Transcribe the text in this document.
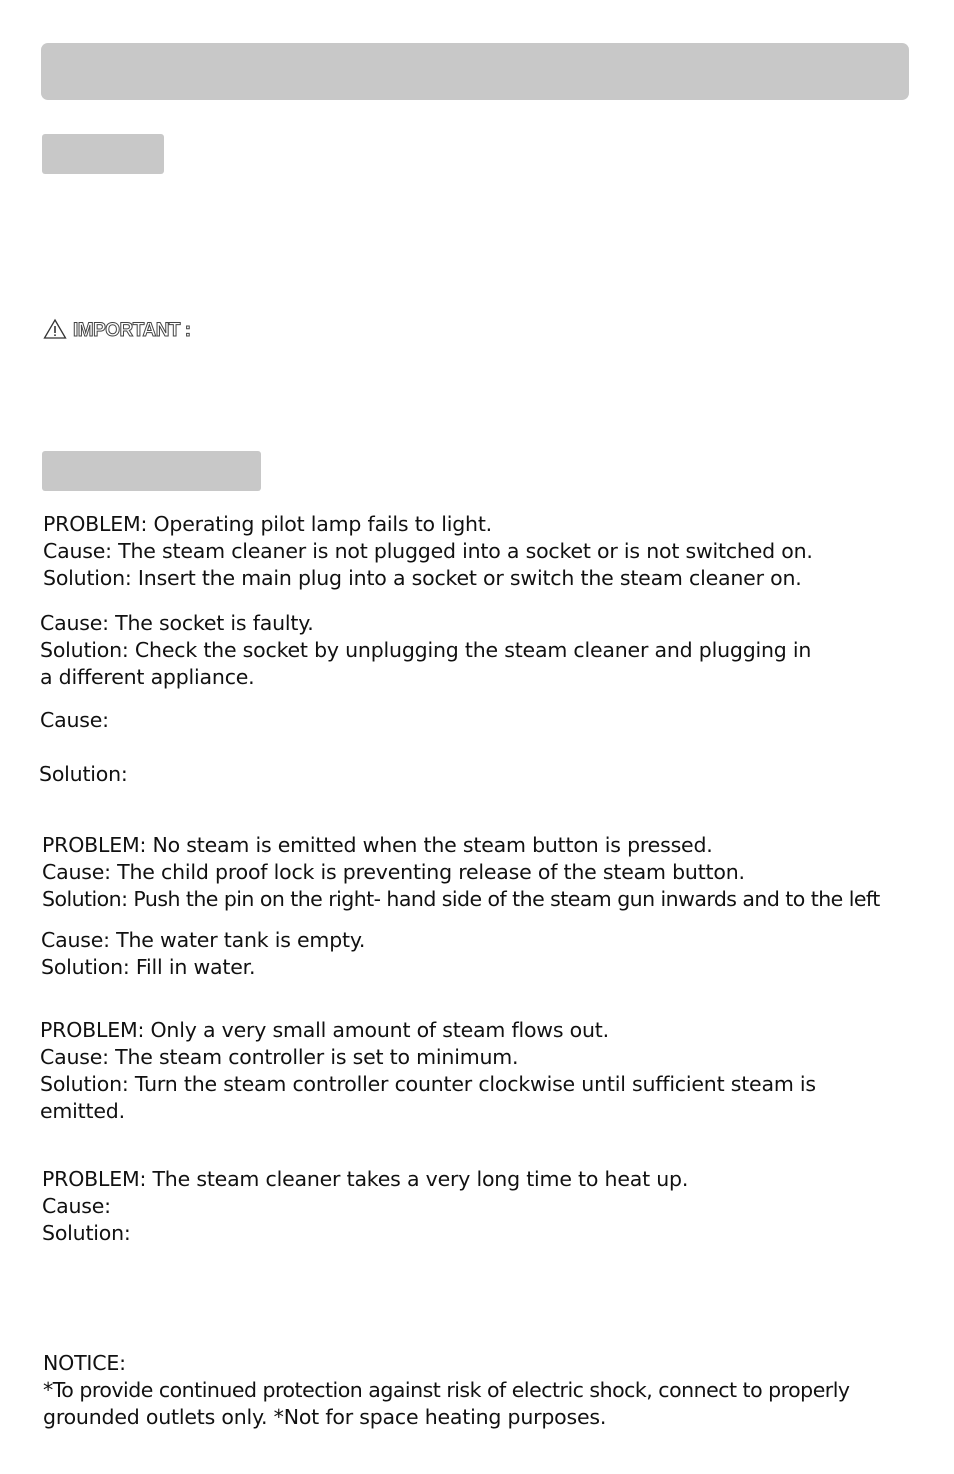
IMPORTANT :
PROBLEM: Operating pilot lamp fails to light.
Cause: The steam cleaner is not plugged into a socket or is not switched on.
Solution: Insert the main plug into a socket or switch the steam cleaner on.
Cause: The socket is faulty.
Solution: Check the socket by unplugging the steam cleaner and plugging in
a different appliance.
Cause:
Solution:
PROBLEM: No steam is emitted when the steam button is pressed.
Cause: The child proof lock is preventing release of the steam button.
Solution: Push the pin on the right- hand side of the steam gun inwards and to the left
Cause: The water tank is empty.
Solution: Fill in water.
PROBLEM: Only a very small amount of steam flows out.
Cause: The steam controller is set to minimum.
Solution: Turn the steam controller counter clockwise until sufficient steam is
emitted.
PROBLEM: The steam cleaner takes a very long time to heat up.
Cause:
Solution:
NOTICE:
*To provide continued protection against risk of electric shock, connect to properly
grounded outlets only. *Not for space heating purposes.
